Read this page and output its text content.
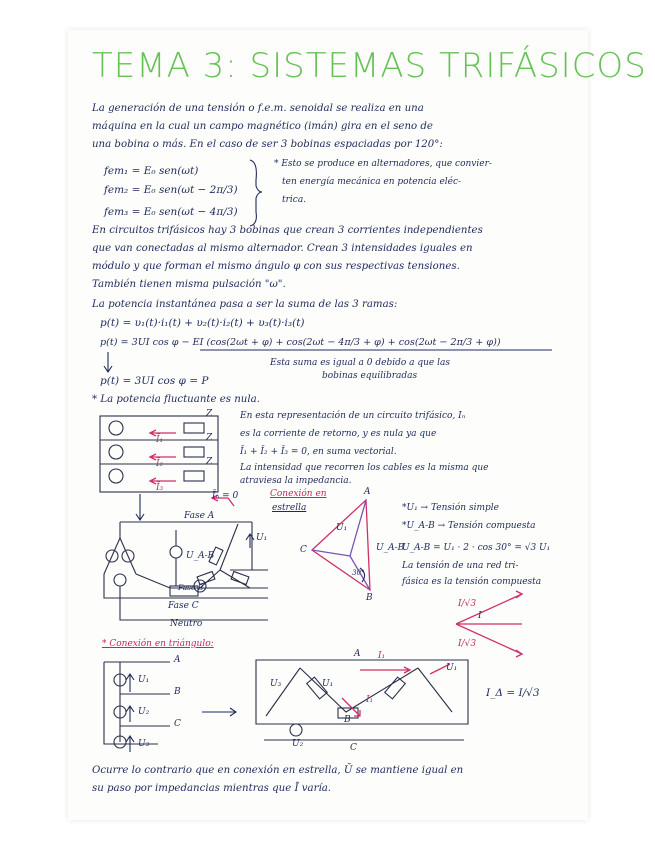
TEMA 3: SISTEMAS TRIFÁSICOS
La generación de una tensión o f.e.m. senoidal se realiza en una
máquina en la cual un campo magnético (imán) gira en el seno de
una bobina o más. En el caso de ser 3 bobinas espaciadas por 120°:
fem₁ = E₀ sen(ωt)
fem₂ = E₀ sen(ωt − 2π/3)
fem₃ = E₀ sen(ωt − 4π/3)
* Esto se produce en alternadores, que convier-
ten energía mecánica en potencia eléc-
trica.
En circuitos trifásicos hay 3 bobinas que crean 3 corrientes independientes
que van conectadas al mismo alternador. Crean 3 intensidades iguales en
módulo y que forman el mismo ángulo φ con sus respectivas tensiones.
También tienen misma pulsación "ω".
La potencia instantánea pasa a ser la suma de las 3 ramas:
p(t) = υ₁(t)·i₁(t) + υ₂(t)·i₂(t) + υ₃(t)·i₃(t)
p(t) = 3UI cos φ − EI (cos(2ωt + φ) + cos(2ωt − 4π/3 + φ) + cos(2ωt − 2π/3 + φ))
Esta suma es igual a 0 debido a que las
bobinas equilibradas
p(t) = 3UI cos φ = P
* La potencia fluctuante es nula.
En esta representación de un circuito trifásico, Iₙ
es la corriente de retorno, y es nula ya que
Ī₁ + Ī₂ + Ī₃ = 0, en suma vectorial.
La intensidad que recorren los cables es la misma que
atraviesa la impedancia.
Z
Z
Z
Ī₁
Ī₂
Ī₃
Īₙ = 0	Conexión en
estrella
Fase A
Fase B
Fase C
Neutro
U_A-B
U₁
A
C
B
U₁
U_A-B
30°
*U₁ → Tensión simple
*U_A-B → Tensión compuesta
U_A-B = U₁ · 2 · cos 30° = √3 U₁
La tensión de una red tri-
fásica es la tensión compuesta
I/√3
I
I/√3
* Conexión en triángulo:
A
B
C
U₁
U₂
U₃
A
B
C
U₃	U₁
U₂
I₁
I₁
U₁
I_Δ = I/√3
Ocurre lo contrario que en conexión en estrella, Ū se mantiene igual en
su paso por impedancias mientras que Ī varía.
